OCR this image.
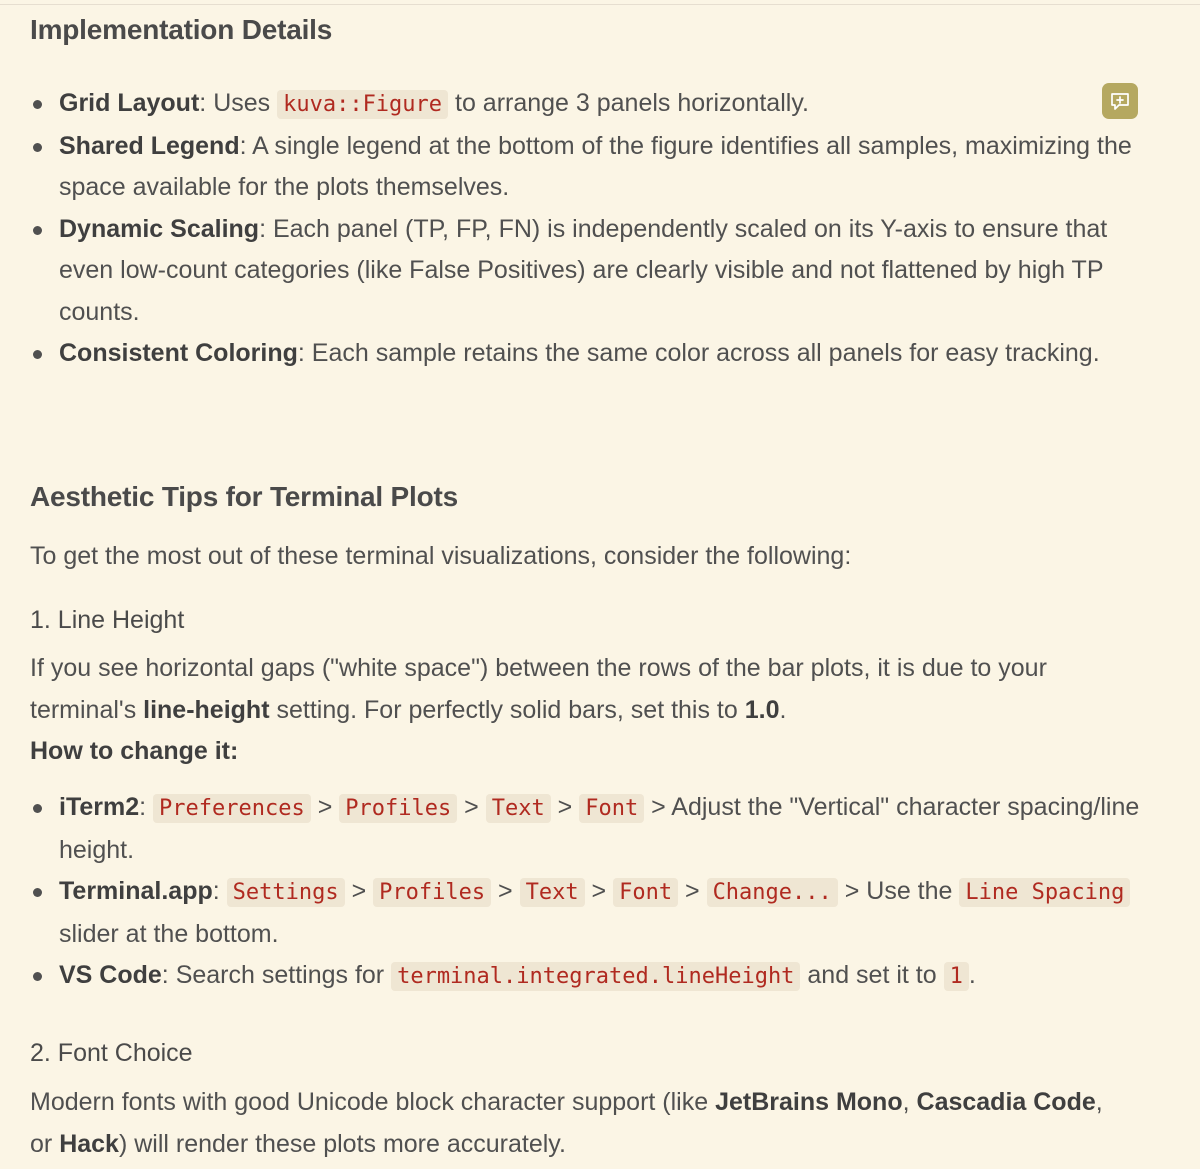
Implementation Details
Grid Layout: Uses kuva::Figure to arrange 3 panels horizontally.
Shared Legend: A single legend at the bottom of the figure identifies all samples, maximizing the space available for the plots themselves.
Dynamic Scaling: Each panel (TP, FP, FN) is independently scaled on its Y-axis to ensure that even low-count categories (like False Positives) are clearly visible and not flattened by high TP counts.
Consistent Coloring: Each sample retains the same color across all panels for easy tracking.
Aesthetic Tips for Terminal Plots

To get the most out of these terminal visualizations, consider the following:

1. Line Height

If you see horizontal gaps ("white space") between the rows of the bar plots, it is due to your terminal's line-height setting. For perfectly solid bars, set this to 1.0.
How to change it:

iTerm2: Preferences > Profiles > Text > Font > Adjust the "Vertical" character spacing/line height.
Terminal.app: Settings > Profiles > Text > Font > Change... > Use the Line Spacing slider at the bottom.
VS Code: Search settings for terminal.integrated.lineHeight and set it to 1 .
2. Font Choice

Modern fonts with good Unicode block character support (like JetBrains Mono, Cascadia Code, or Hack) will render these plots more accurately.
